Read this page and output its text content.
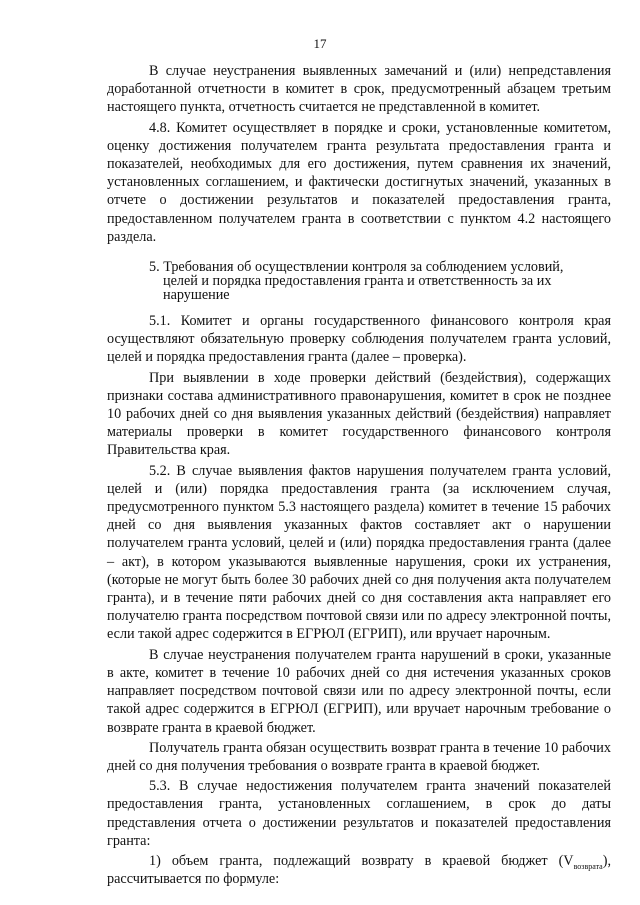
17

В случае неустранения выявленных замечаний и (или) непредставления доработанной отчетности в комитет в срок, предусмотренный абзацем третьим настоящего пункта, отчетность считается не представленной в комитет.

4.8. Комитет осуществляет в порядке и сроки, установленные комитетом, оценку достижения получателем гранта результата предоставления гранта и показателей, необходимых для его достижения, путем сравнения их значений, установленных соглашением, и фактически достигнутых значений, указанных в отчете о достижении результатов и показателей предоставления гранта, предоставленном получателем гранта в соответствии с пунктом 4.2 настоящего раздела.

5. Требования об осуществлении контроля за соблюдением условий,
целей и порядка предоставления гранта и ответственность за их
нарушение

5.1. Комитет и органы государственного финансового контроля края осуществляют обязательную проверку соблюдения получателем гранта условий, целей и порядка предоставления гранта (далее – проверка).

При выявлении в ходе проверки действий (бездействия), содержащих признаки состава административного правонарушения, комитет в срок не позднее 10 рабочих дней со дня выявления указанных действий (бездействия) направляет материалы проверки в комитет государственного финансового контроля Правительства края.

5.2. В случае выявления фактов нарушения получателем гранта условий, целей и (или) порядка предоставления гранта (за исключением случая, предусмотренного пунктом 5.3 настоящего раздела) комитет в течение 15 рабочих дней со дня выявления указанных фактов составляет акт о нарушении получателем гранта условий, целей и (или) порядка предоставления гранта (далее – акт), в котором указываются выявленные нарушения, сроки их устранения, (которые не могут быть более 30 рабочих дней со дня получения акта получателем гранта), и в течение пяти рабочих дней со дня составления акта направляет его получателю гранта посредством почтовой связи или по адресу электронной почты, если такой адрес содержится в ЕГРЮЛ (ЕГРИП), или вручает нарочным.

В случае неустранения получателем гранта нарушений в сроки, указанные в акте, комитет в течение 10 рабочих дней со дня истечения указанных сроков направляет посредством почтовой связи или по адресу электронной почты, если такой адрес содержится в ЕГРЮЛ (ЕГРИП), или вручает нарочным требование о возврате гранта в краевой бюджет.

Получатель гранта обязан осуществить возврат гранта в течение 10 рабочих дней со дня получения требования о возврате гранта в краевой бюджет.

5.3. В случае недостижения получателем гранта значений показателей предоставления гранта, установленных соглашением, в срок до даты представления отчета о достижении результатов и показателей предоставления гранта:

1) объем гранта, подлежащий возврату в краевой бюджет $(V_{возврата})$, рассчитывается по формуле:
